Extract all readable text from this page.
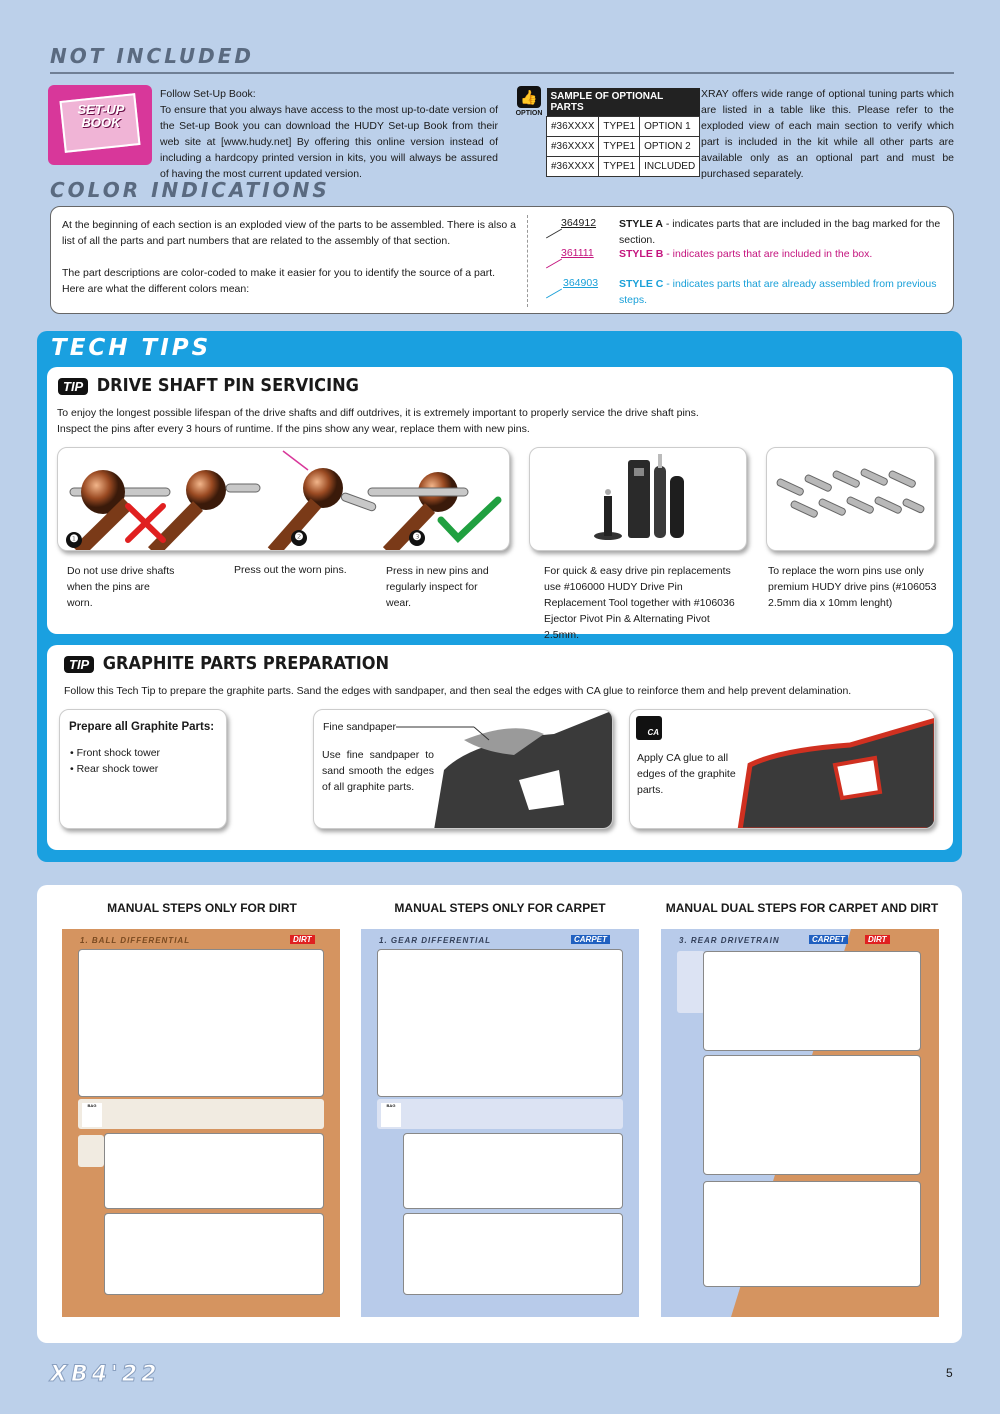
NOT INCLUDED
SET-UP BOOK
Follow Set-Up Book:
To ensure that you always have access to the most up-to-date version of the Set-up Book you can download the HUDY Set-up Book from their web site at [www.hudy.net] By offering this online version instead of including a hardcopy printed version in kits, you will always be assured of having the most current updated version.
👍
OPTION
SAMPLE OF OPTIONAL PARTS		
#36XXXX	TYPE1	OPTION 1
#36XXXX	TYPE1	OPTION 2
#36XXXX	TYPE1	INCLUDED
XRAY offers wide range of optional tuning parts which are listed in a table like this. Please refer to the exploded view of each main section to verify which part is included in the kit while all other parts are available only as an optional part and must be purchased separately.
COLOR INDICATIONS
At the beginning of each section is an exploded view of the parts to be assembled. There is also a list of all the parts and part numbers that are related to the assembly of that section.
The part descriptions are color-coded to make it easier for you to identify the source of a part. Here are what the different colors mean:
364912 STYLE A - indicates parts that are included in the bag marked for the section.
361111 STYLE B - indicates parts that are included in the box.
364903 STYLE C - indicates parts that are already assembled from previous steps.
TECH TIPS
TIP DRIVE SHAFT PIN SERVICING
To enjoy the longest possible lifespan of the drive shafts and diff outdrives, it is extremely important to properly service the drive shaft pins.
Inspect the pins after every 3 hours of runtime. If the pins show any wear, replace them with new pins.
❶	❷	❸
Do not use drive shafts when the pins are worn.
Press out the worn pins.	Press in new pins and regularly inspect for wear.
For quick & easy drive pin replacements use #106000 HUDY Drive Pin Replacement Tool together with #106036 Ejector Pivot Pin & Alternating Pivot 2.5mm.
To replace the worn pins use only premium HUDY drive pins (#106053 2.5mm dia x 10mm lenght)
TIP GRAPHITE PARTS PREPARATION
Follow this Tech Tip to prepare the graphite parts. Sand the edges with sandpaper, and then seal the edges with CA glue to reinforce them and help prevent delamination.
Prepare all Graphite Parts:
• Front shock tower
• Rear shock tower
Fine sandpaper
Use fine sandpaper to sand smooth the edges of all graphite parts.
CA
Apply CA glue to all edges of the graphite parts.
MANUAL STEPS ONLY FOR DIRT
1. BALL DIFFERENTIAL	DIRT
BAG
MANUAL STEPS ONLY FOR CARPET
1. GEAR DIFFERENTIAL	CARPET
BAG
MANUAL DUAL STEPS FOR CARPET AND DIRT
3. REAR DRIVETRAIN	CARPET	DIRT
XB4'22	5
